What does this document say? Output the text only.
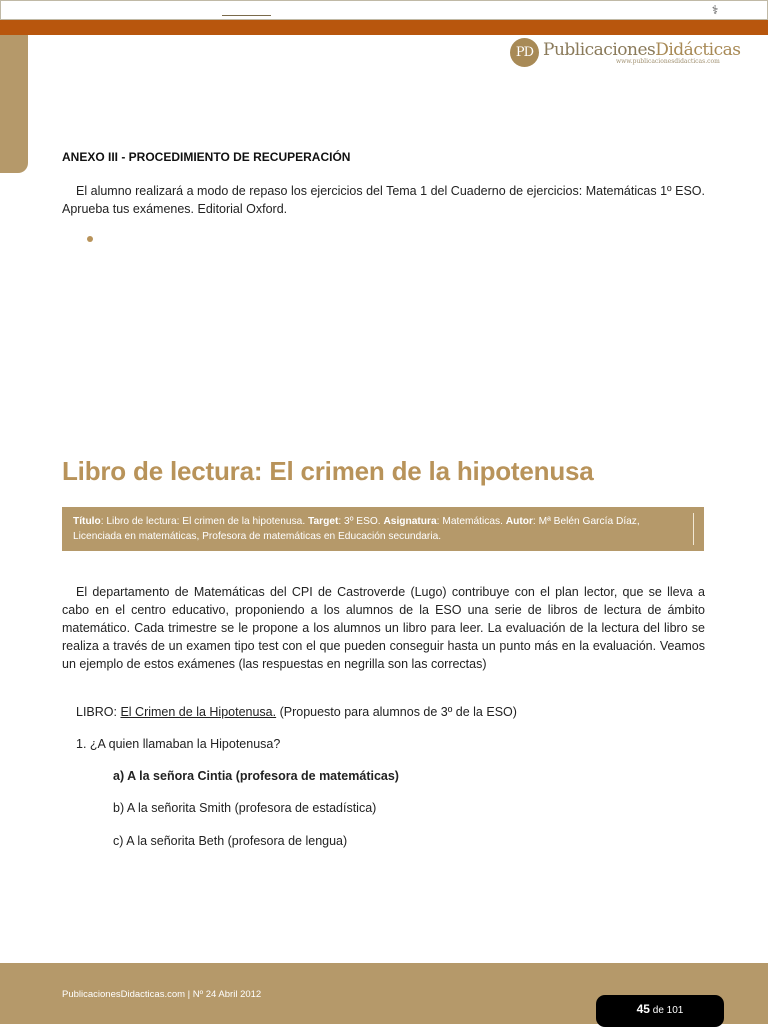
⚕
PD PublicacionesDidácticas
www.publicacionesdidacticas.com
ANEXO III - PROCEDIMIENTO DE RECUPERACIÓN

El alumno realizará a modo de repaso los ejercicios del Tema 1 del Cuaderno de ejercicios: Matemáticas 1º ESO. Aprueba tus exámenes. Editorial Oxford.

Libro de lectura: El crimen de la hipotenusa
Título: Libro de lectura: El crimen de la hipotenusa. Target: 3º ESO. Asignatura: Matemáticas. Autor: Mª Belén García Díaz, Licenciada en matemáticas, Profesora de matemáticas en Educación secundaria.

El departamento de Matemáticas del CPI de Castroverde (Lugo) contribuye con el plan lector, que se lleva a cabo en el centro educativo, proponiendo a los alumnos de la ESO una serie de libros de lectura de ámbito matemático. Cada trimestre se le propone a los alumnos un libro para leer. La evaluación de la lectura del libro se realiza a través de un examen tipo test con el que pueden conseguir hasta un punto más en la evaluación. Veamos un ejemplo de estos exámenes (las respuestas en negrilla son las correctas)

LIBRO: El Crimen de la Hipotenusa. (Propuesto para alumnos de 3º de la ESO)
1. ¿A quien llamaban la Hipotenusa?
a) A la señora Cintia (profesora de matemáticas)
b) A la señorita Smith (profesora de estadística)
c) A la señorita Beth (profesora de lengua)
PublicacionesDidacticas.com | Nº 24 Abril 2012
45 de 101
